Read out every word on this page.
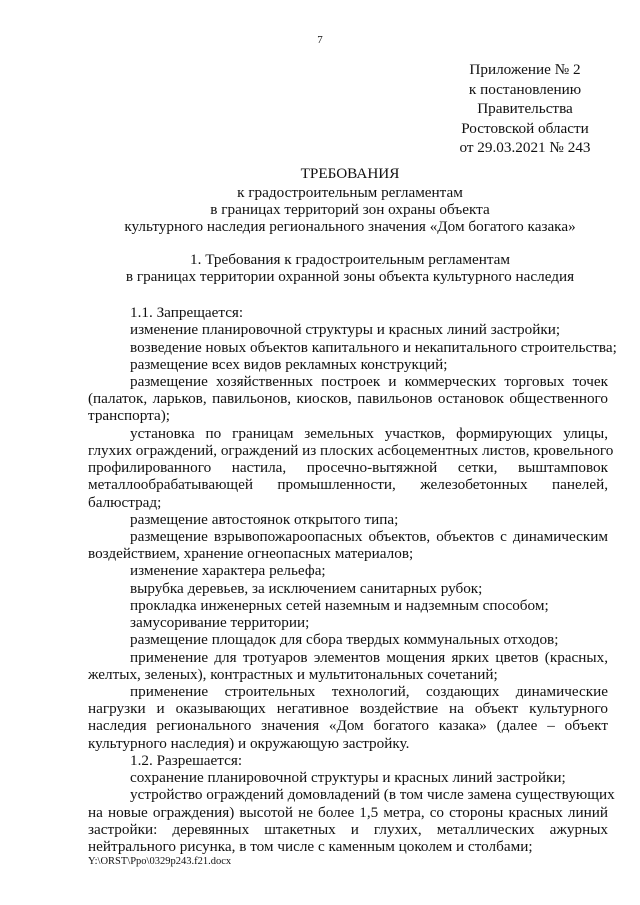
7
Приложение № 2
к постановлению
Правительства
Ростовской области
от 29.03.2021 № 243
ТРЕБОВАНИЯ
к градостроительным регламентам
в границах территорий зон охраны объекта
культурного наследия регионального значения «Дом богатого казака»
1. Требования к градостроительным регламентам
в границах территории охранной зоны объекта культурного наследия
1.1. Запрещается:
изменение планировочной структуры и красных линий застройки;
возведение новых объектов капитального и некапитального строительства;
размещение всех видов рекламных конструкций;
размещение хозяйственных построек и коммерческих торговых точек
(палаток, ларьков, павильонов, киосков, павильонов остановок общественного
транспорта);
установка по границам земельных участков, формирующих улицы,
глухих ограждений, ограждений из плоских асбоцементных листов, кровельного
профилированного настила, просечно-вытяжной сетки, выштамповок
металлообрабатывающей промышленности, железобетонных панелей,
балюстрад;
размещение автостоянок открытого типа;
размещение взрывопожароопасных объектов, объектов с динамическим
воздействием, хранение огнеопасных материалов;
изменение характера рельефа;
вырубка деревьев, за исключением санитарных рубок;
прокладка инженерных сетей наземным и надземным способом;
замусоривание территории;
размещение площадок для сбора твердых коммунальных отходов;
применение для тротуаров элементов мощения ярких цветов (красных,
желтых, зеленых), контрастных и мультитональных сочетаний;
применение строительных технологий, создающих динамические
нагрузки и оказывающих негативное воздействие на объект культурного
наследия регионального значения «Дом богатого казака» (далее – объект
культурного наследия) и окружающую застройку.
1.2. Разрешается:
сохранение планировочной структуры и красных линий застройки;
устройство ограждений домовладений (в том числе замена существующих
на новые ограждения) высотой не более 1,5 метра, со стороны красных линий
застройки: деревянных штакетных и глухих, металлических ажурных
нейтрального рисунка, в том числе с каменным цоколем и столбами;
Y:\ORST\Ppo\0329p243.f21.docx
